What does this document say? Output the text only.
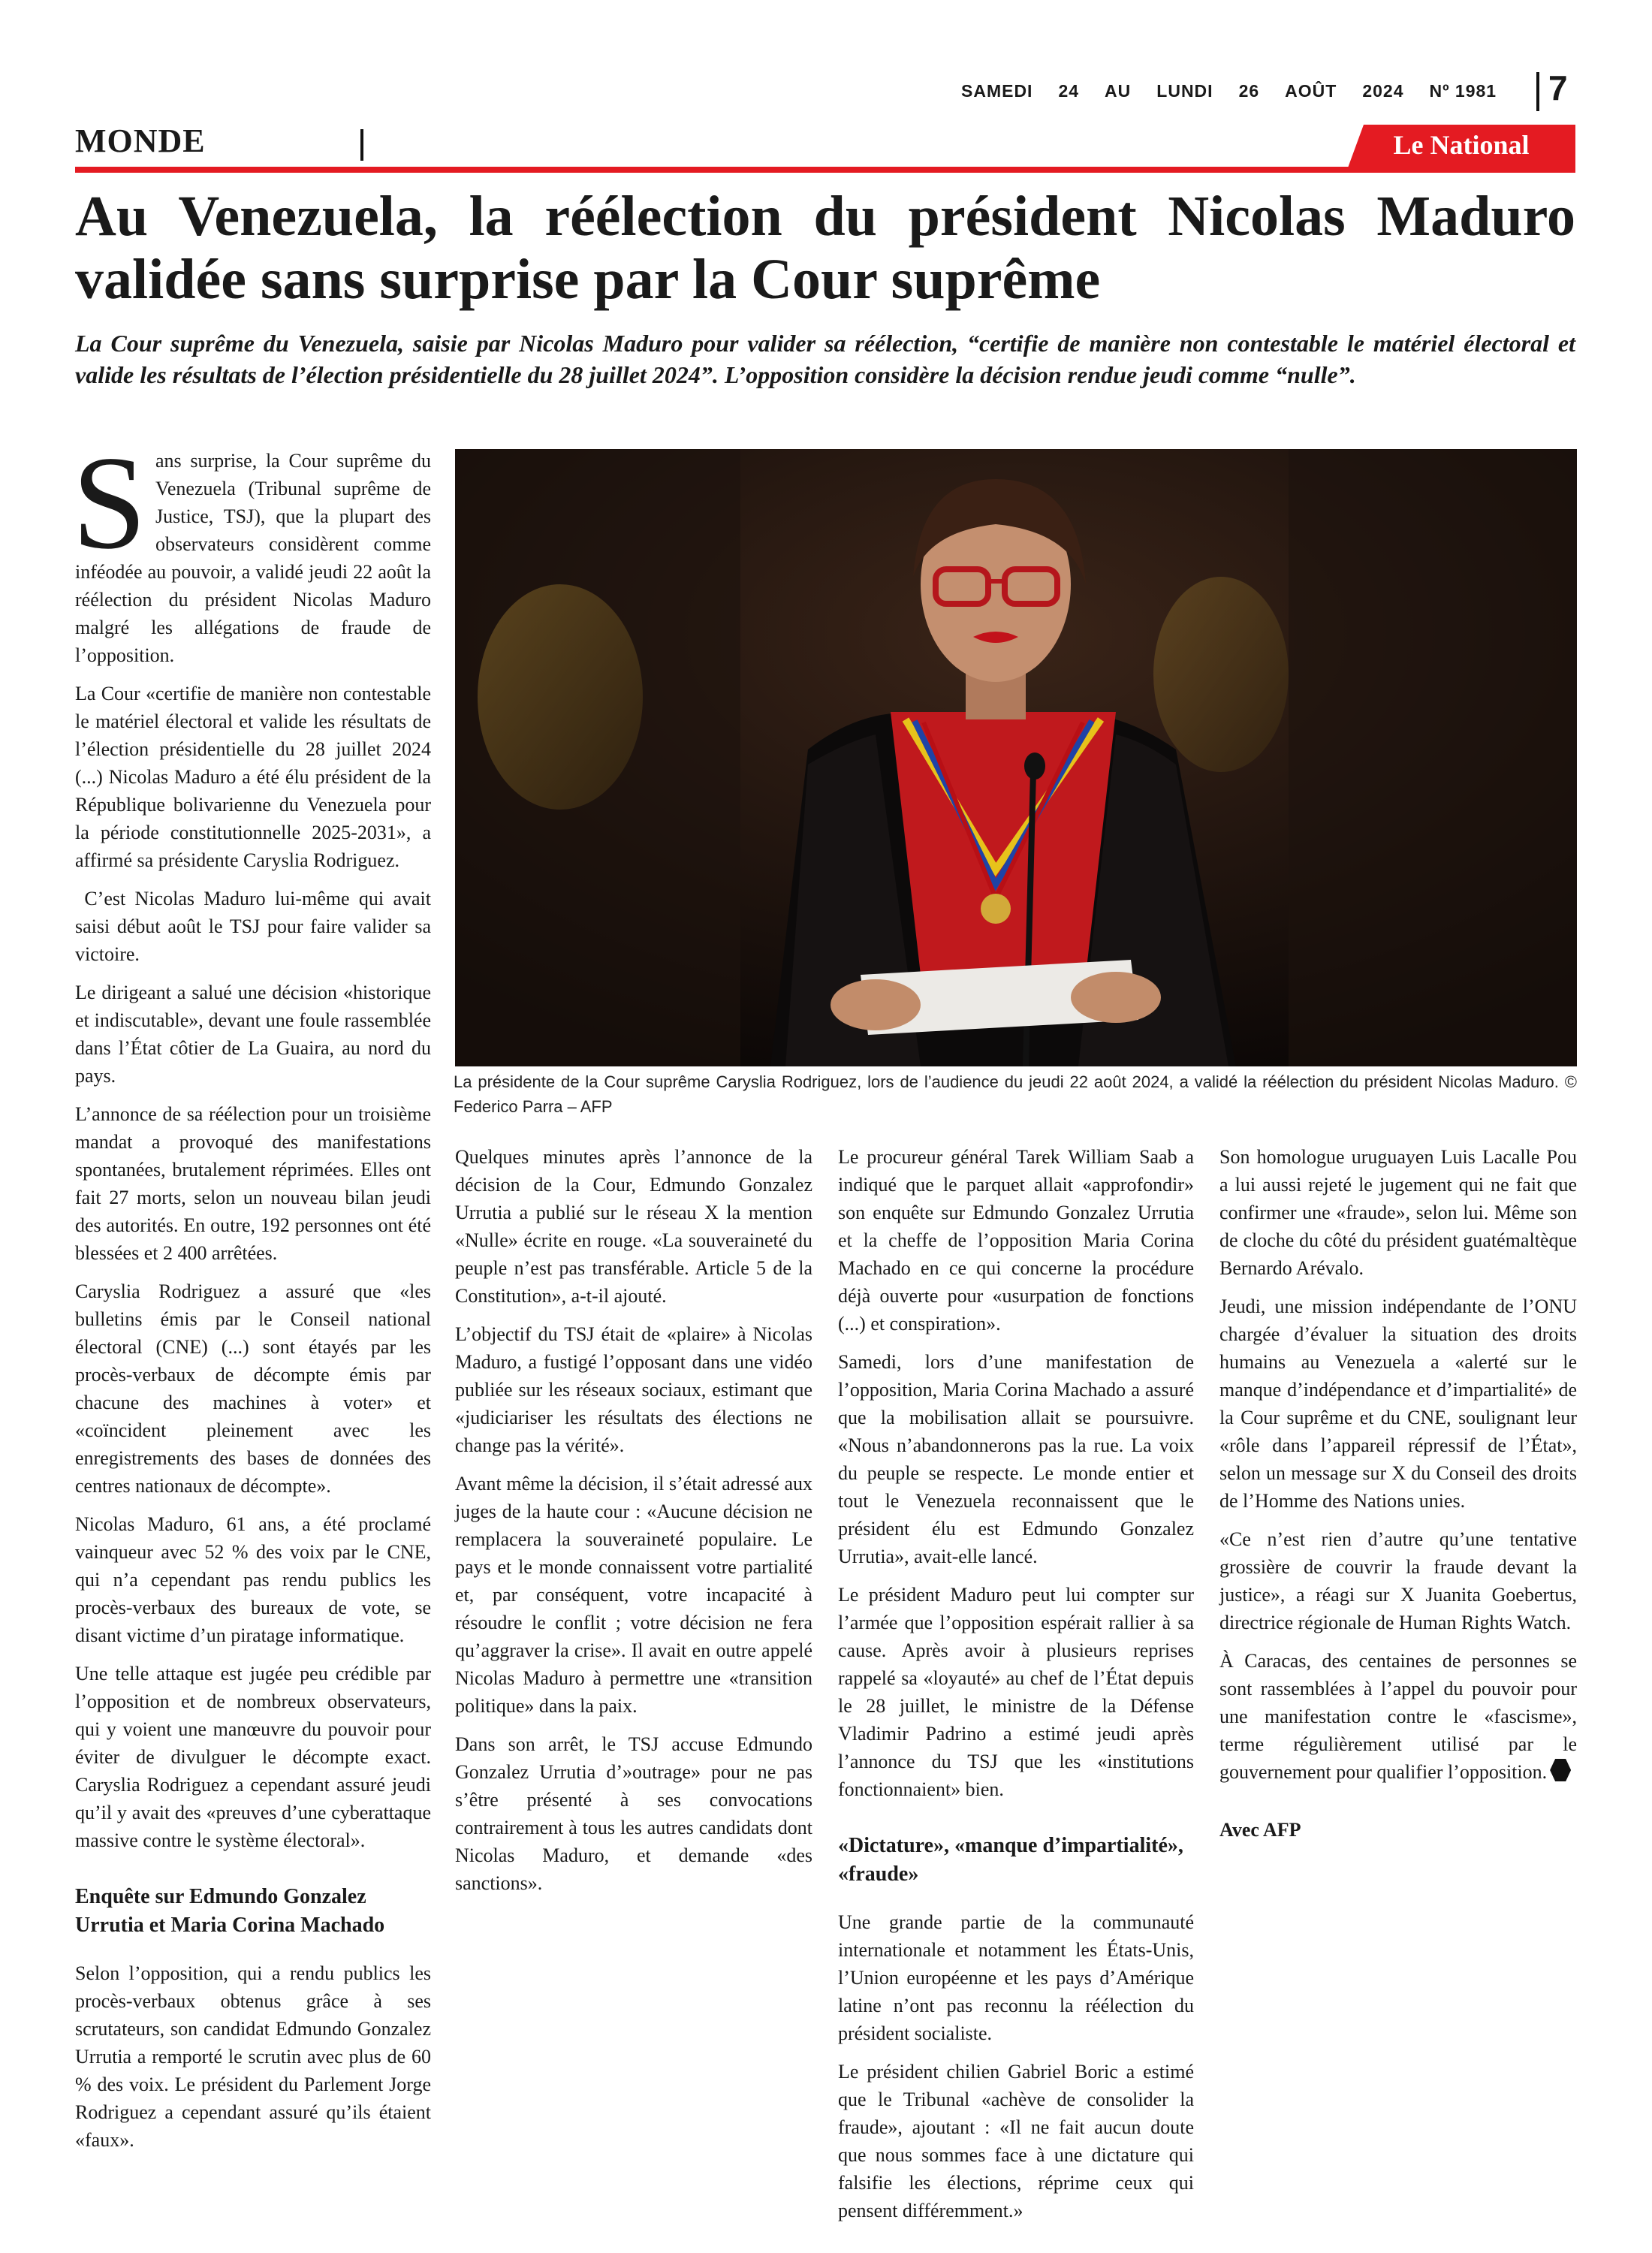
SAMEDI 24 AU LUNDI 26 AOÛT 2024 Nº 1981	7
MONDE	Le National
Au Venezuela, la réélection du président Nicolas Maduro validée sans surprise par la Cour suprême

La Cour suprême du Venezuela, saisie par Nicolas Maduro pour valider sa réélection, “certifie de manière non contestable le matériel électoral et valide les résultats de l’élection présidentielle du 28 juillet 2024”. L’opposition considère la décision rendue jeudi comme “nulle”.

La présidente de la Cour suprême Caryslia Rodriguez, lors de l’audience du jeudi 22 août 2024, a validé la réélection du président Nicolas Maduro. © Federico Parra – AFP

Sans surprise, la Cour suprême du Venezuela (Tribunal suprême de Justice, TSJ), que la plupart des observateurs considèrent comme inféodée au pouvoir, a validé jeudi 22 août la réélection du président Nicolas Maduro malgré les allégations de fraude de l’opposition.

La Cour «certifie de manière non contestable le matériel électoral et valide les résultats de l’élection présidentielle du 28 juillet 2024 (...) Nicolas Maduro a été élu président de la République bolivarienne du Venezuela pour la période constitutionnelle 2025-2031», a affirmé sa présidente Caryslia Rodriguez.

C’est Nicolas Maduro lui-même qui avait saisi début août le TSJ pour faire valider sa victoire.

Le dirigeant a salué une décision «historique et indiscutable», devant une foule rassemblée dans l’État côtier de La Guaira, au nord du pays.

L’annonce de sa réélection pour un troisième mandat a provoqué des manifestations spontanées, brutalement réprimées. Elles ont fait 27 morts, selon un nouveau bilan jeudi des autorités. En outre, 192 personnes ont été blessées et 2 400 arrêtées.

Caryslia Rodriguez a assuré que «les bulletins émis par le Conseil national électoral (CNE) (...) sont étayés par les procès-verbaux de décompte émis par chacune des machines à voter» et «coïncident pleinement avec les enregistrements des bases de données des centres nationaux de décompte».

Nicolas Maduro, 61 ans, a été proclamé vainqueur avec 52 % des voix par le CNE, qui n’a cependant pas rendu publics les procès-verbaux des bureaux de vote, se disant victime d’un piratage informatique.

Une telle attaque est jugée peu crédible par l’opposition et de nombreux observateurs, qui y voient une manœuvre du pouvoir pour éviter de divulguer le décompte exact. Caryslia Rodriguez a cependant assuré jeudi qu’il y avait des «preuves d’une cyberattaque massive contre le système électoral».

Enquête sur Edmundo Gonzalez Urrutia et Maria Corina Machado

Selon l’opposition, qui a rendu publics les procès-verbaux obtenus grâce à ses scrutateurs, son candidat Edmundo Gonzalez Urrutia a remporté le scrutin avec plus de 60 % des voix. Le président du Parlement Jorge Rodriguez a cependant assuré qu’ils étaient «faux».

Quelques minutes après l’annonce de la décision de la Cour, Edmundo Gonzalez Urrutia a publié sur le réseau X la mention «Nulle» écrite en rouge. «La souveraineté du peuple n’est pas transférable. Article 5 de la Constitution», a-t-il ajouté.

L’objectif du TSJ était de «plaire» à Nicolas Maduro, a fustigé l’opposant dans une vidéo publiée sur les réseaux sociaux, estimant que «judiciariser les résultats des élections ne change pas la vérité».

Avant même la décision, il s’était adressé aux juges de la haute cour : «Aucune décision ne remplacera la souveraineté populaire. Le pays et le monde connaissent votre partialité et, par conséquent, votre incapacité à résoudre le conflit ; votre décision ne fera qu’aggraver la crise». Il avait en outre appelé Nicolas Maduro à permettre une «transition politique» dans la paix.

Dans son arrêt, le TSJ accuse Edmundo Gonzalez Urrutia d’»outrage» pour ne pas s’être présenté à ses convocations contrairement à tous les autres candidats dont Nicolas Maduro, et demande «des sanctions».

Le procureur général Tarek William Saab a indiqué que le parquet allait «approfondir» son enquête sur Edmundo Gonzalez Urrutia et la cheffe de l’opposition Maria Corina Machado en ce qui concerne la procédure déjà ouverte pour «usurpation de fonctions (...) et conspiration».

Samedi, lors d’une manifestation de l’opposition, Maria Corina Machado a assuré que la mobilisation allait se poursuivre. «Nous n’abandonnerons pas la rue. La voix du peuple se respecte. Le monde entier et tout le Venezuela reconnaissent que le président élu est Edmundo Gonzalez Urrutia», avait-elle lancé.

Le président Maduro peut lui compter sur l’armée que l’opposition espérait rallier à sa cause. Après avoir à plusieurs reprises rappelé sa «loyauté» au chef de l’État depuis le 28 juillet, le ministre de la Défense Vladimir Padrino a estimé jeudi après l’annonce du TSJ que les «institutions fonctionnaient» bien.

«Dictature», «manque d’impartialité», «fraude»

Une grande partie de la communauté internationale et notamment les États-Unis, l’Union européenne et les pays d’Amérique latine n’ont pas reconnu la réélection du président socialiste.

Le président chilien Gabriel Boric a estimé que le Tribunal «achève de consolider la fraude», ajoutant : «Il ne fait aucun doute que nous sommes face à une dictature qui falsifie les élections, réprime ceux qui pensent différemment.»

Son homologue uruguayen Luis Lacalle Pou a lui aussi rejeté le jugement qui ne fait que confirmer une «fraude», selon lui. Même son de cloche du côté du président guatémaltèque Bernardo Arévalo.

Jeudi, une mission indépendante de l’ONU chargée d’évaluer la situation des droits humains au Venezuela a «alerté sur le manque d’indépendance et d’impartialité» de la Cour suprême et du CNE, soulignant leur «rôle dans l’appareil répressif de l’État», selon un message sur X du Conseil des droits de l’Homme des Nations unies.

«Ce n’est rien d’autre qu’une tentative grossière de couvrir la fraude devant la justice», a réagi sur X Juanita Goebertus, directrice régionale de Human Rights Watch.

À Caracas, des centaines de personnes se sont rassemblées à l’appel du pouvoir pour une manifestation contre le «fascisme», terme régulièrement utilisé par le gouvernement pour qualifier l’opposition.

Avec AFP
